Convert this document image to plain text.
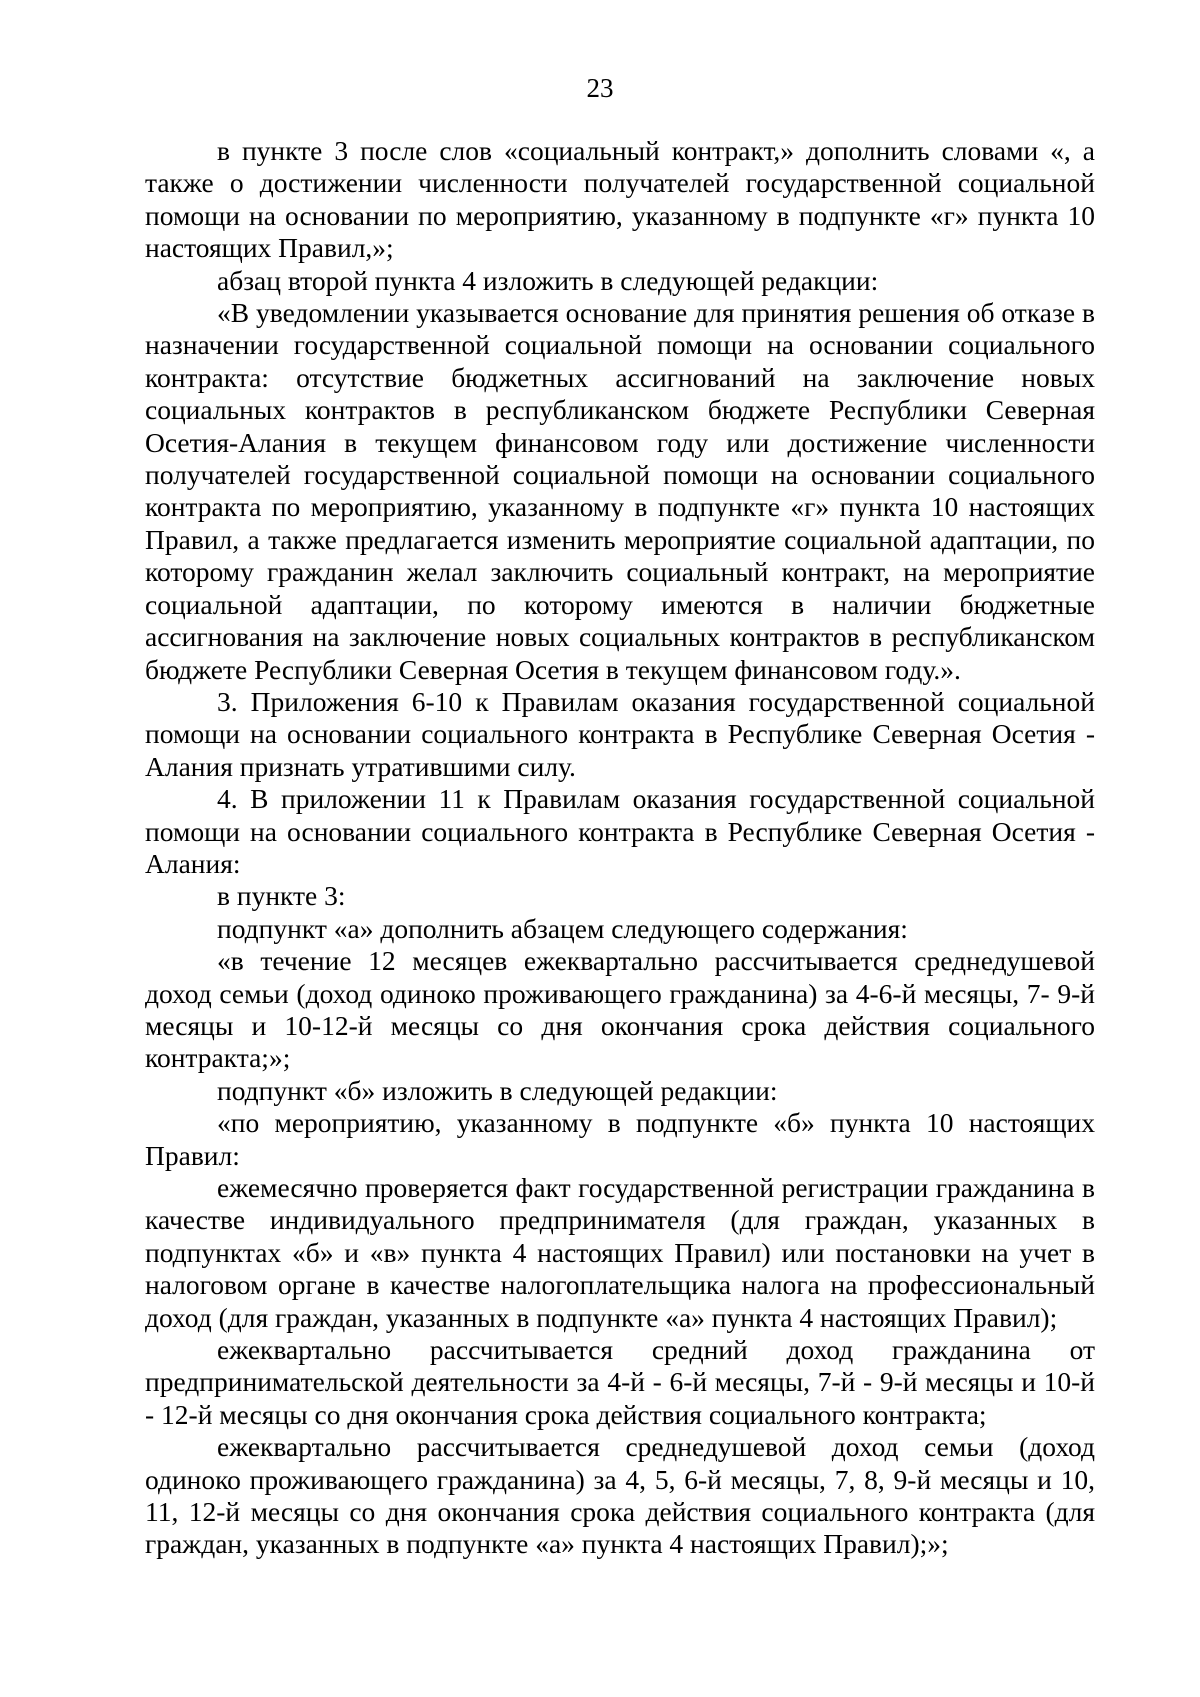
23

в пункте 3 после слов «социальный контракт,» дополнить словами «, а также о достижении численности получателей государственной социальной помощи на основании по мероприятию, указанному в подпункте «г» пункта 10 настоящих Правил,»;

абзац второй пункта 4 изложить в следующей редакции:

«В уведомлении указывается основание для принятия решения об отказе в назначении государственной социальной помощи на основании социального контракта: отсутствие бюджетных ассигнований на заключение новых социальных контрактов в республиканском бюджете Республики Северная Осетия-Алания в текущем финансовом году или достижение численности получателей государственной социальной помощи на основании социального контракта по мероприятию, указанному в подпункте «г» пункта 10 настоящих Правил, а также предлагается изменить мероприятие социальной адаптации, по которому гражданин желал заключить социальный контракт, на мероприятие социальной адаптации, по которому имеются в наличии бюджетные ассигнования на заключение новых социальных контрактов в республиканском бюджете Республики Северная Осетия в текущем финансовом году.».

3. Приложения 6-10 к Правилам оказания государственной социальной помощи на основании социального контракта в Республике Северная Осетия - Алания признать утратившими силу.

4. В приложении 11 к Правилам оказания государственной социальной помощи на основании социального контракта в Республике Северная Осетия - Алания:

в пункте 3:

подпункт «а» дополнить абзацем следующего содержания:

«в течение 12 месяцев ежеквартально рассчитывается среднедушевой доход семьи (доход одиноко проживающего гражданина) за 4-6-й месяцы, 7- 9-й месяцы и 10-12-й месяцы со дня окончания срока действия социального контракта;»;

подпункт «б» изложить в следующей редакции:

«по мероприятию, указанному в подпункте «б» пункта 10 настоящих Правил:

ежемесячно проверяется факт государственной регистрации гражданина в качестве индивидуального предпринимателя (для граждан, указанных в подпунктах «б» и «в» пункта 4 настоящих Правил) или постановки на учет в налоговом органе в качестве налогоплательщика налога на профессиональный доход (для граждан, указанных в подпункте «а» пункта 4 настоящих Правил);

ежеквартально рассчитывается средний доход гражданина от предпринимательской деятельности за 4-й - 6-й месяцы, 7-й - 9-й месяцы и 10-й - 12-й месяцы со дня окончания срока действия социального контракта;

ежеквартально рассчитывается среднедушевой доход семьи (доход одиноко проживающего гражданина) за 4, 5, 6-й месяцы, 7, 8, 9-й месяцы и 10, 11, 12-й месяцы со дня окончания срока действия социального контракта (для граждан, указанных в подпункте «а» пункта 4 настоящих Правил);»;
